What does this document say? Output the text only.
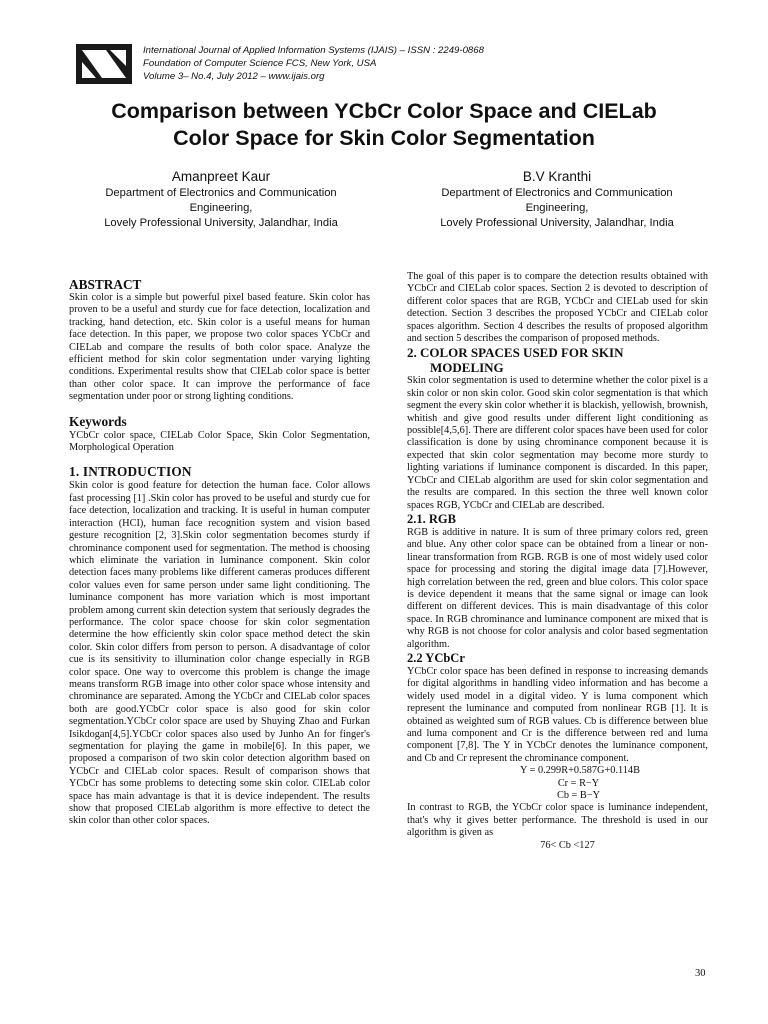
International Journal of Applied Information Systems (IJAIS) – ISSN : 2249-0868
Foundation of Computer Science FCS, New York, USA
Volume 3– No.4, July 2012 – www.ijais.org
Comparison between YCbCr Color Space and CIELab
Color Space for Skin Color Segmentation
Amanpreet Kaur
Department of Electronics and Communication
Engineering,
Lovely Professional University, Jalandhar, India
B.V Kranthi
Department of Electronics and Communication
Engineering,
Lovely Professional University, Jalandhar, India

ABSTRACT

Skin color is a simple but powerful pixel based feature. Skin color has proven to be a useful and sturdy cue for face detection, localization and tracking, hand detection, etc. Skin color is a useful means for human face detection. In this paper, we propose two color spaces YCbCr and CIELab and compare the results of both color space. Analyze the efficient method for skin color segmentation under varying lighting conditions. Experimental results show that CIELab color space is better than other color space. It can improve the performance of face segmentation under poor or strong lighting conditions.

Keywords

YCbCr color space, CIELab Color Space, Skin Color Segmentation, Morphological Operation

1. INTRODUCTION

Skin color is good feature for detection the human face. Color allows fast processing [1] .Skin color has proved to be useful and sturdy cue for face detection, localization and tracking. It is useful in human computer interaction (HCI), human face recognition system and vision based gesture recognition [2, 3].Skin color segmentation becomes sturdy if chrominance component used for segmentation. The method is choosing which eliminate the variation in luminance component. Skin color detection faces many problems like different cameras produces different color values even for same person under same light conditioning. The luminance component has more variation which is most important problem among current skin detection system that seriously degrades the performance. The color space choose for skin color segmentation determine the how efficiently skin color space method detect the skin color. Skin color differs from person to person. A disadvantage of color cue is its sensitivity to illumination color change especially in RGB color space. One way to overcome this problem is change the image means transform RGB image into other color space whose intensity and chrominance are separated. Among the YCbCr and CIELab color spaces both are good.YCbCr color space is also good for skin color segmentation.YCbCr color space are used by Shuying Zhao and Furkan Isikdogan[4,5].YCbCr color spaces also used by Junho An for finger's segmentation for playing the game in mobile[6]. In this paper, we proposed a comparison of two skin color detection algorithm based on YCbCr and CIELab color spaces. Result of comparison shows that YCbCr has some problems to detecting some skin color. CIELab color space has main advantage is that it is device independent. The results show that proposed CIELab algorithm is more effective to detect the skin color than other color spaces.

The goal of this paper is to compare the detection results obtained with YCbCr and CIELab color spaces. Section 2 is devoted to description of different color spaces that are RGB, YCbCr and CIELab used for skin detection. Section 3 describes the proposed YCbCr and CIELab color spaces algorithm. Section 4 describes the results of proposed algorithm and section 5 describes the comparison of proposed methods.

2. COLOR SPACES USED FOR SKIN
MODELING

Skin color segmentation is used to determine whether the color pixel is a skin color or non skin color. Good skin color segmentation is that which segment the every skin color whether it is blackish, yellowish, brownish, whitish and give good results under different light conditioning as possible[4,5,6]. There are different color spaces have been used for color classification is done by using chrominance component because it is expected that skin color segmentation may become more sturdy to lighting variations if luminance component is discarded. In this paper, YCbCr and CIELab algorithm are used for skin color segmentation and the results are compared. In this section the three well known color spaces RGB, YCbCr and CIELab are described.

2.1. RGB

RGB is additive in nature. It is sum of three primary colors red, green and blue. Any other color space can be obtained from a linear or non-linear transformation from RGB. RGB is one of most widely used color space for processing and storing the digital image data [7].However, high correlation between the red, green and blue colors. This color space is device dependent it means that the same signal or image can look different on different devices. This is main disadvantage of this color space. In RGB chrominance and luminance component are mixed that is why RGB is not choose for color analysis and color based segmentation algorithm.

2.2 YCbCr

YCbCr color space has been defined in response to increasing demands for digital algorithms in handling video information and has become a widely used model in a digital video. Y is luma component which represent the luminance and computed from nonlinear RGB [1]. It is obtained as weighted sum of RGB values. Cb is difference between blue and luma component and Cr is the difference between red and luma component [7,8]. The Y in YCbCr denotes the luminance component, and Cb and Cr represent the chrominance component.

Y = 0.299R+0.587G+0.114B

Cr = R−Y

Cb = B−Y

In contrast to RGB, the YCbCr color space is luminance independent, that's why it gives better performance. The threshold is used in our algorithm is given as

76< Cb <127

30
